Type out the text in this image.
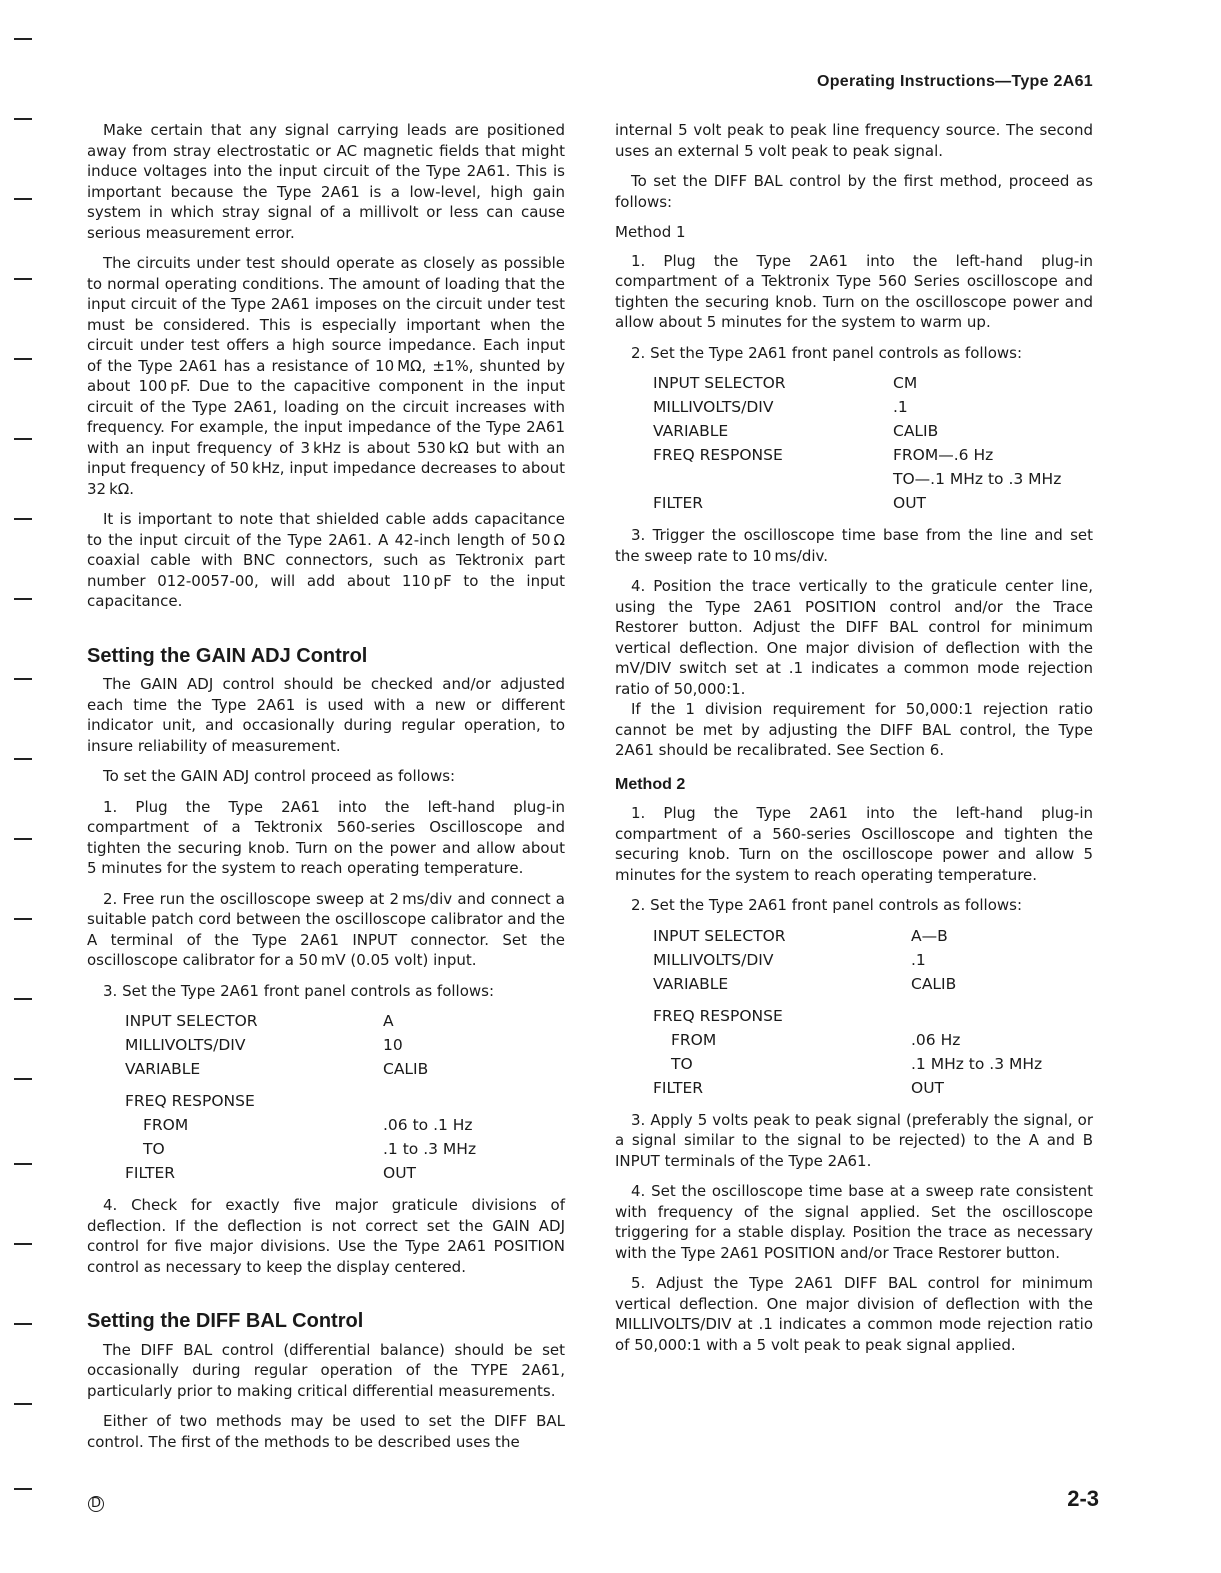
Operating Instructions—Type 2A61

Make certain that any signal carrying leads are positioned away from stray electrostatic or AC magnetic fields that might induce voltages into the input circuit of the Type 2A61. This is important because the Type 2A61 is a low-level, high gain system in which stray signal of a millivolt or less can cause serious measurement error.

The circuits under test should operate as closely as possible to normal operating conditions. The amount of loading that the input circuit of the Type 2A61 imposes on the circuit under test must be considered. This is especially important when the circuit under test offers a high source impedance. Each input of the Type 2A61 has a resistance of 10 MΩ, ±1%, shunted by about 100 pF. Due to the capacitive component in the input circuit of the Type 2A61, loading on the circuit increases with frequency. For example, the input impedance of the Type 2A61 with an input frequency of 3 kHz is about 530 kΩ but with an input frequency of 50 kHz, input impedance decreases to about 32 kΩ.

It is important to note that shielded cable adds capacitance to the input circuit of the Type 2A61. A 42-inch length of 50 Ω coaxial cable with BNC connectors, such as Tektronix part number 012-0057-00, will add about 110 pF to the input capacitance.

Setting the GAIN ADJ Control

The GAIN ADJ control should be checked and/or adjusted each time the Type 2A61 is used with a new or different indicator unit, and occasionally during regular operation, to insure reliability of measurement.

To set the GAIN ADJ control proceed as follows:

1. Plug the Type 2A61 into the left-hand plug-in compartment of a Tektronix 560-series Oscilloscope and tighten the securing knob. Turn on the power and allow about 5 minutes for the system to reach operating temperature.

2. Free run the oscilloscope sweep at 2 ms/div and connect a suitable patch cord between the oscilloscope calibrator and the A terminal of the Type 2A61 INPUT connector. Set the oscilloscope calibrator for a 50 mV (0.05 volt) input.

3. Set the Type 2A61 front panel controls as follows:

INPUT SELECTOR	A
MILLIVOLTS/DIV	10
VARIABLE	CALIB
FREQ RESPONSE	
FROM	.06 to .1 Hz
TO	.1 to .3 MHz
FILTER	OUT

4. Check for exactly five major graticule divisions of deflection. If the deflection is not correct set the GAIN ADJ control for five major divisions. Use the Type 2A61 POSITION control as necessary to keep the display centered.

Setting the DIFF BAL Control

The DIFF BAL control (differential balance) should be set occasionally during regular operation of the TYPE 2A61, particularly prior to making critical differential measurements.

Either of two methods may be used to set the DIFF BAL control. The first of the methods to be described uses the

internal 5 volt peak to peak line frequency source. The second uses an external 5 volt peak to peak signal.

To set the DIFF BAL control by the first method, proceed as follows:

Method 1

1. Plug the Type 2A61 into the left-hand plug-in compartment of a Tektronix Type 560 Series oscilloscope and tighten the securing knob. Turn on the oscilloscope power and allow about 5 minutes for the system to warm up.

2. Set the Type 2A61 front panel controls as follows:

INPUT SELECTOR	CM
MILLIVOLTS/DIV	.1
VARIABLE	CALIB
FREQ RESPONSE	FROM—.6 Hz
	TO—.1 MHz to .3 MHz
FILTER	OUT

3. Trigger the oscilloscope time base from the line and set the sweep rate to 10 ms/div.

4. Position the trace vertically to the graticule center line, using the Type 2A61 POSITION control and/or the Trace Restorer button. Adjust the DIFF BAL control for minimum vertical deflection. One major division of deflection with the mV/DIV switch set at .1 indicates a common mode rejection ratio of 50,000:1.

If the 1 division requirement for 50,000:1 rejection ratio cannot be met by adjusting the DIFF BAL control, the Type 2A61 should be recalibrated. See Section 6.

Method 2

1. Plug the Type 2A61 into the left-hand plug-in compartment of a 560-series Oscilloscope and tighten the securing knob. Turn on the oscilloscope power and allow 5 minutes for the system to reach operating temperature.

2. Set the Type 2A61 front panel controls as follows:

INPUT SELECTOR	A—B
MILLIVOLTS/DIV	.1
VARIABLE	CALIB
FREQ RESPONSE	
FROM	.06 Hz
TO	.1 MHz to .3 MHz
FILTER	OUT

3. Apply 5 volts peak to peak signal (preferably the signal, or a signal similar to the signal to be rejected) to the A and B INPUT terminals of the Type 2A61.

4. Set the oscilloscope time base at a sweep rate consistent with frequency of the signal applied. Set the oscilloscope triggering for a stable display. Position the trace as necessary with the Type 2A61 POSITION and/or Trace Restorer button.

5. Adjust the Type 2A61 DIFF BAL control for minimum vertical deflection. One major division of deflection with the MILLIVOLTS/DIV at .1 indicates a common mode rejection ratio of 50,000:1 with a 5 volt peak to peak signal applied.

D	2-3
